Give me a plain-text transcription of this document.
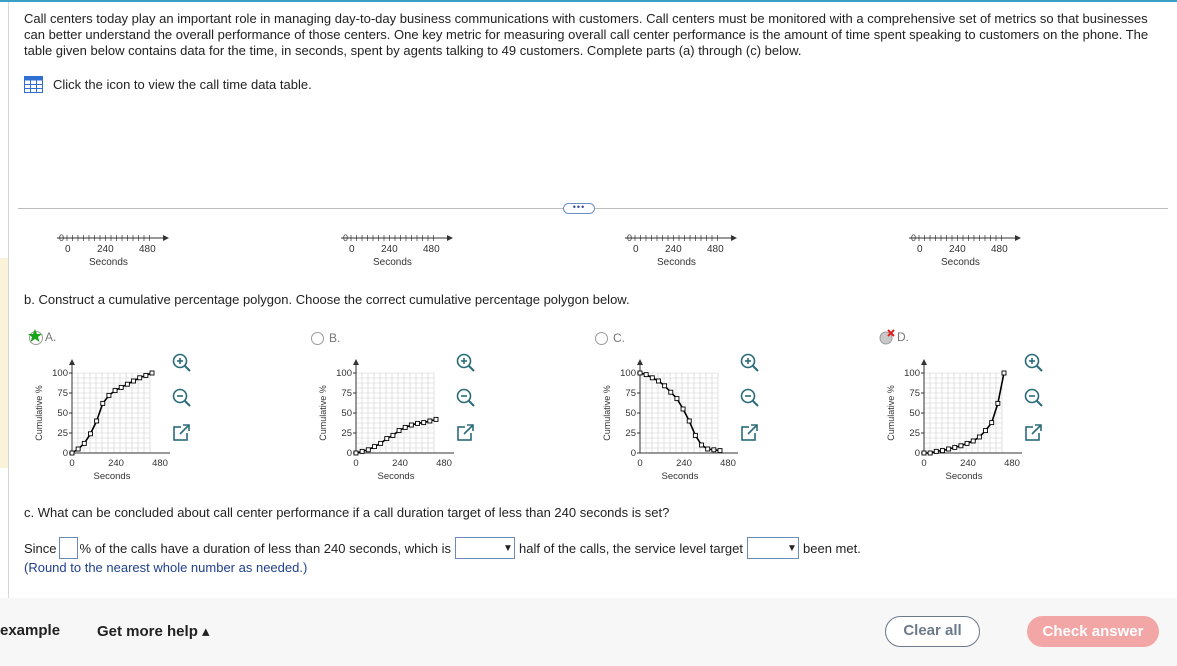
Call centers today play an important role in managing day-to-day business communications with customers. Call centers must be monitored with a comprehensive set of metrics so that businesses can better understand the overall performance of those centers. One key metric for measuring overall call center performance is the amount of time spent speaking to customers on the phone. The table given below contains data for the time, in seconds, spent by agents talking to 49 customers. Complete parts (a) through (c) below.
Click the icon to view the call time data table.
•••
0
0	240	480
Seconds
0
0	240	480
Seconds
0
0	240	480
Seconds
0
0	240	480
Seconds
b. Construct a cumulative percentage polygon. Choose the correct cumulative percentage polygon below.
A.	B.	C.	D.
100
75
50
25
0
0	240	480
Seconds
Cumulative %
100
75
50
25
0
0	240	480
Seconds
Cumulative %
100
75
50
25
0
0	240	480
Seconds
Cumulative %
100
75
50
25
0
0	240	480
Seconds
Cumulative %
c. What can be concluded about call center performance if a call duration target of less than 240 seconds is set?
Since % of the calls have a duration of less than 240 seconds, which is	▼ half of the calls, the service level target	▼ been met.
(Round to the nearest whole number as needed.)
example Get more help ▴	Clear all	Check answer
